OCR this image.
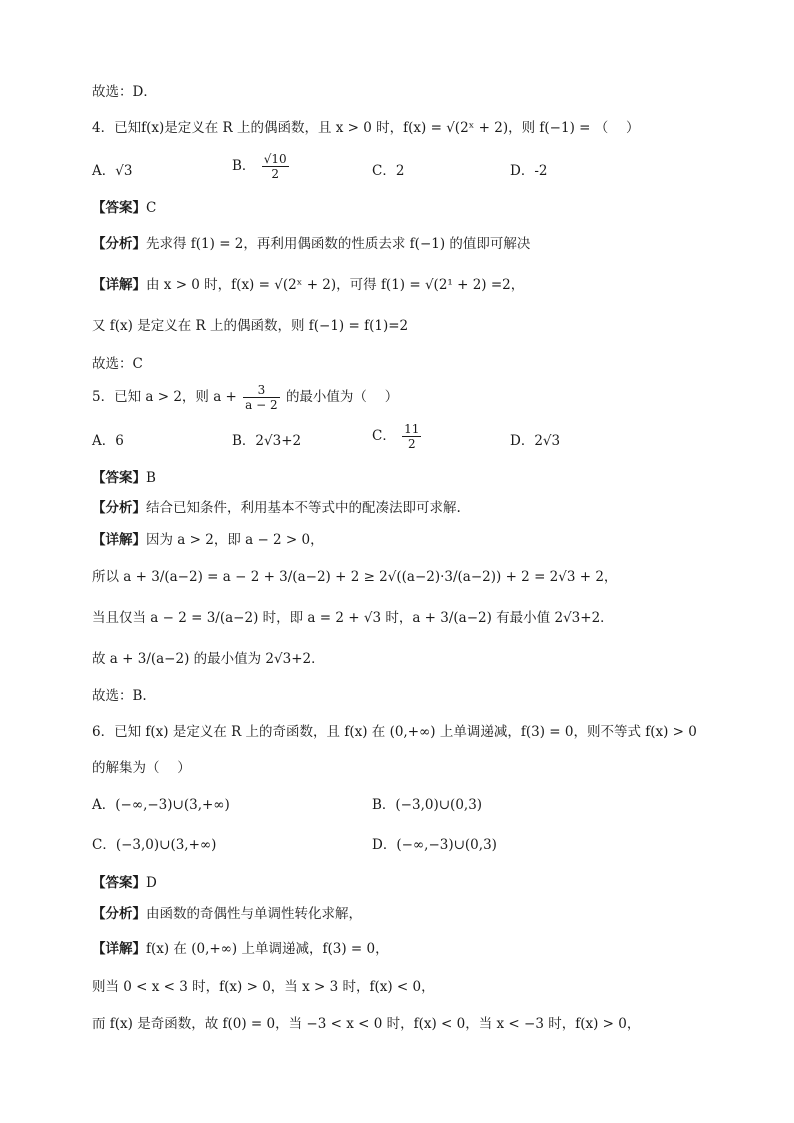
故选：D．
4．已知f(x)是定义在 R 上的偶函数，且 x > 0 时，f(x) = √(2ˣ + 2)，则 f(−1) = （　 ）
A．√3	B． $\frac{√10}{2}$	C．2	D．-2
【答案】C
【分析】先求得 f(1) = 2，再利用偶函数的性质去求 f(−1) 的值即可解决
【详解】由 x > 0 时，f(x) = √(2ˣ + 2)，可得 f(1) = √(2¹ + 2) =2，
又 f(x) 是定义在 R 上的偶函数，则 f(−1) = f(1)=2
故选：C
5．已知 a > 2，则 $a + \frac{3}{a - 2}$ 的最小值为（　 ）
A．6	B．2√3+2	C． $\frac{11}{2}$	D．2√3
【答案】B
【分析】结合已知条件，利用基本不等式中的配凑法即可求解.
【详解】因为 a > 2，即 a − 2 > 0，
所以 a + 3/(a−2) = a − 2 + 3/(a−2) + 2 ≥ 2√((a−2)·3/(a−2)) + 2 = 2√3 + 2，
当且仅当 a − 2 = 3/(a−2) 时，即 a = 2 + √3 时，a + 3/(a−2) 有最小值 2√3+2．
故 a + 3/(a−2) 的最小值为 2√3+2．
故选：B.
6．已知 f(x) 是定义在 R 上的奇函数，且 f(x) 在 (0,+∞) 上单调递减，f(3) = 0，则不等式 f(x) > 0
的解集为（　 ）
A．(−∞,−3)∪(3,+∞)	B．(−3,0)∪(0,3)
C．(−3,0)∪(3,+∞)	D．(−∞,−3)∪(0,3)
【答案】D
【分析】由函数的奇偶性与单调性转化求解，
【详解】f(x) 在 (0,+∞) 上单调递减，f(3) = 0，
则当 0 < x < 3 时，f(x) > 0，当 x > 3 时，f(x) < 0，
而 f(x) 是奇函数，故 f(0) = 0，当 −3 < x < 0 时，f(x) < 0，当 x < −3 时，f(x) > 0，
